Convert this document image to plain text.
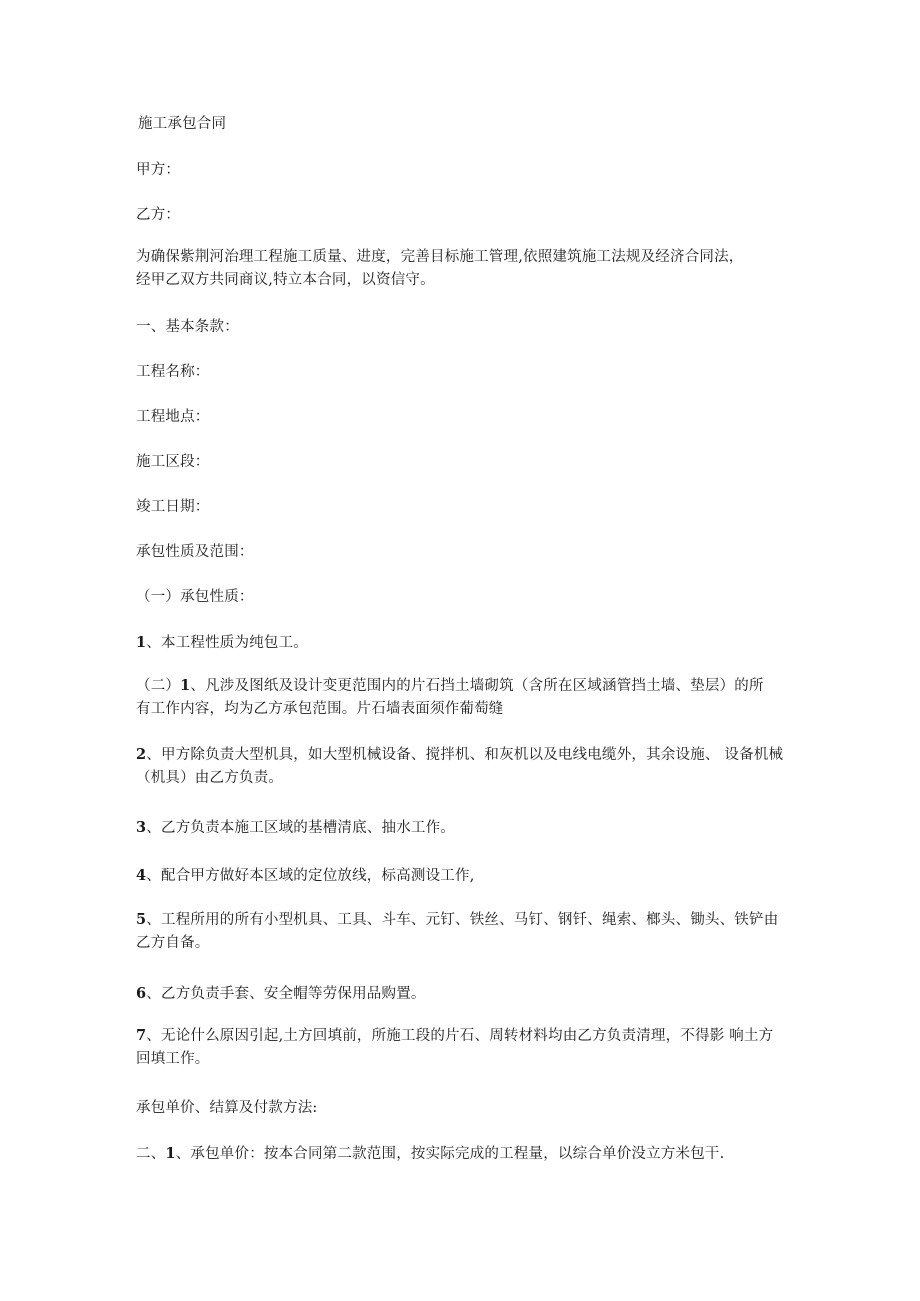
施工承包合同
甲方：
乙方：
为确保紫荆河治理工程施工质量、进度，完善目标施工管理,依照建筑施工法规及经济合同法，经甲乙双方共同商议,特立本合同，以资信守。
一、基本条款：
工程名称：
工程地点：
施工区段：
竣工日期：
承包性质及范围：
（一）承包性质：
1、本工程性质为纯包工。
（二）1、凡涉及图纸及设计变更范围内的片石挡土墙砌筑（含所在区域涵管挡土墙、垫层）的所有工作内容，均为乙方承包范围。片石墙表面须作葡萄缝
2、甲方除负责大型机具，如大型机械设备、搅拌机、和灰机以及电线电缆外，其余设施、 设备机械（机具）由乙方负责。
3、乙方负责本施工区域的基槽清底、抽水工作。
4、配合甲方做好本区域的定位放线，标高测设工作,
5、工程所用的所有小型机具、工具、斗车、元钉、铁丝、马钉、钢钎、绳索、榔头、锄头、铁铲由乙方自备。
6、乙方负责手套、安全帽等劳保用品购置。
7、无论什么原因引起,土方回填前，所施工段的片石、周转材料均由乙方负责清理，不得影 响土方回填工作。
承包单价、结算及付款方法:
二、1、承包单价：按本合同第二款范围，按实际完成的工程量，以综合单价没立方米包干.
